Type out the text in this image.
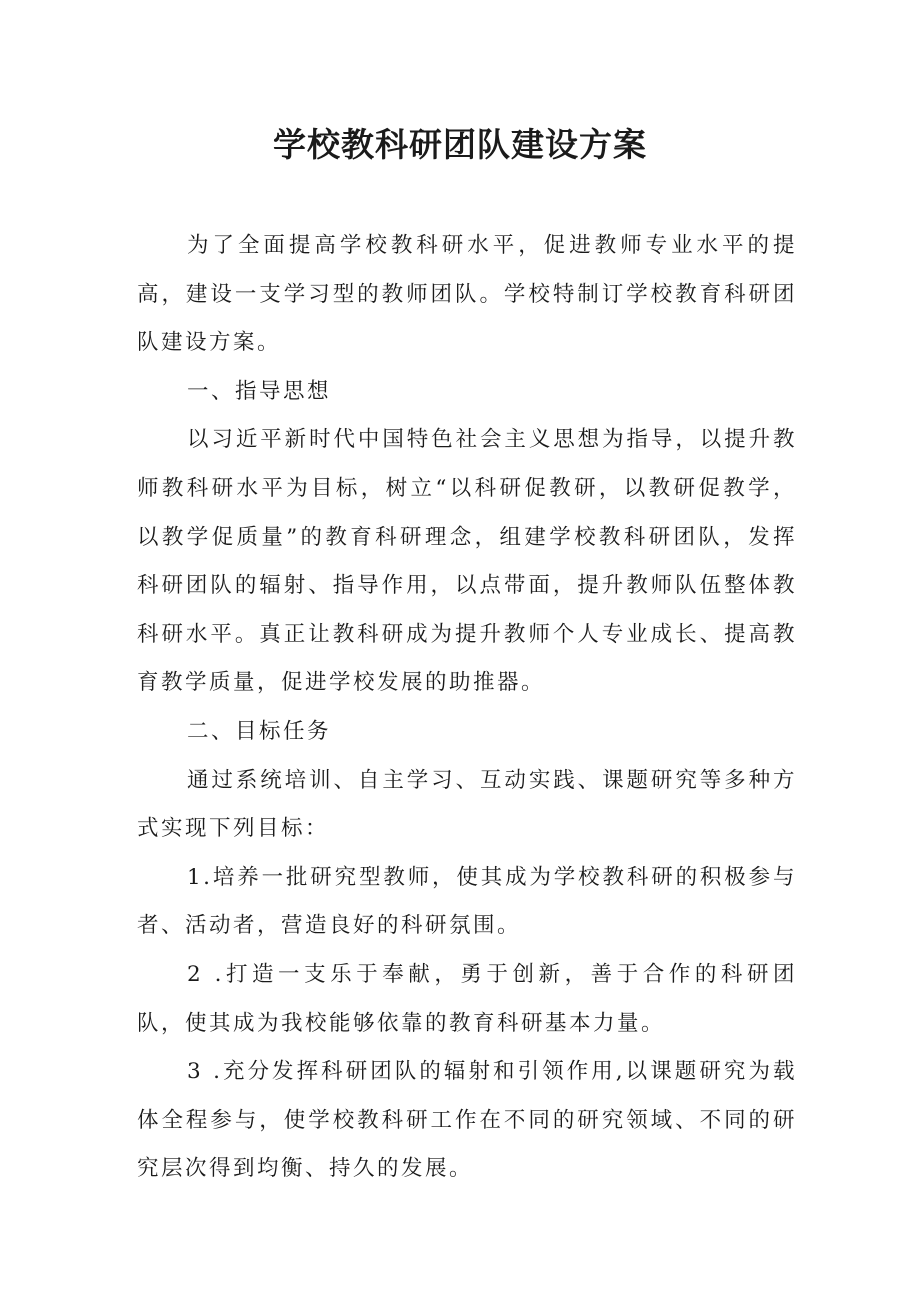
学校教科研团队建设方案

为了全面提高学校教科研水平，促进教师专业水平的提高，建设一支学习型的教师团队。学校特制订学校教育科研团队建设方案。

一、指导思想

以习近平新时代中国特色社会主义思想为指导，以提升教师教科研水平为目标，树立“以科研促教研，以教研促教学，以教学促质量”的教育科研理念，组建学校教科研团队，发挥科研团队的辐射、指导作用，以点带面，提升教师队伍整体教科研水平。真正让教科研成为提升教师个人专业成长、提高教育教学质量，促进学校发展的助推器。

二、目标任务

通过系统培训、自主学习、互动实践、课题研究等多种方式实现下列目标：

1.培养一批研究型教师，使其成为学校教科研的积极参与者、活动者，营造良好的科研氛围。

2 .打造一支乐于奉献，勇于创新，善于合作的科研团队，使其成为我校能够依靠的教育科研基本力量。

3 .充分发挥科研团队的辐射和引领作用,以课题研究为载体全程参与，使学校教科研工作在不同的研究领域、不同的研究层次得到均衡、持久的发展。
